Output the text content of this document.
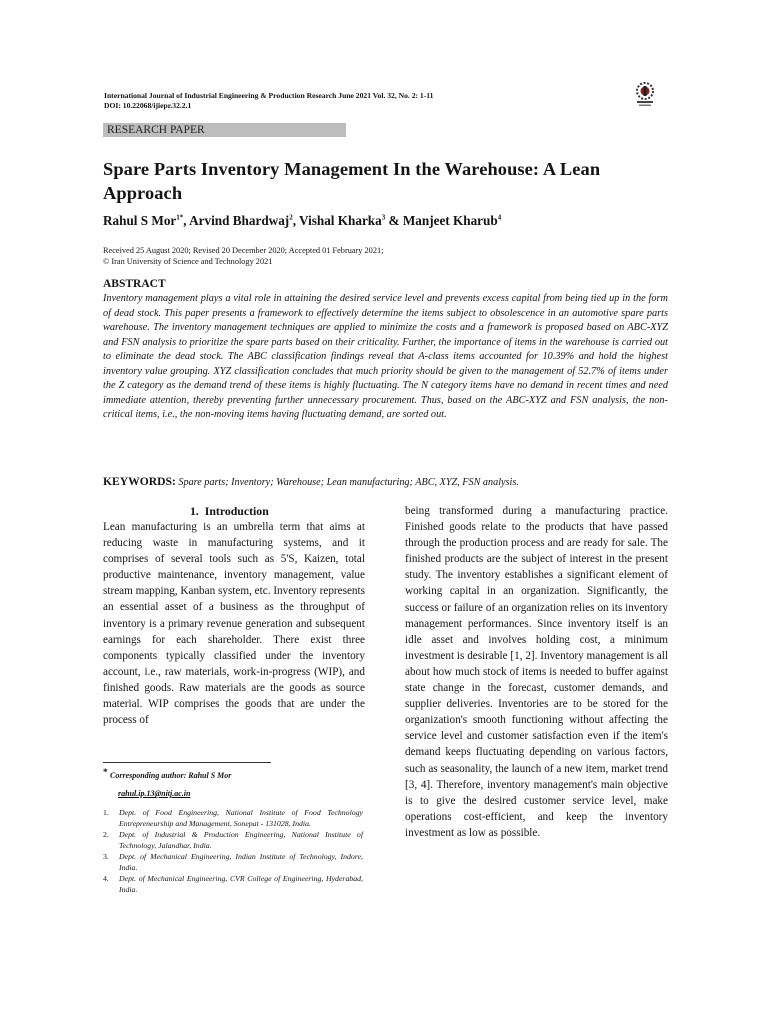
International Journal of Industrial Engineering & Production Research June 2021 Vol. 32, No. 2: 1-11
DOI: 10.22068/ijiepr.32.2.1
RESEARCH PAPER
Spare Parts Inventory Management In the Warehouse: A Lean Approach
Rahul S Mor$^{1*}$, Arvind Bhardwaj$^2$, Vishal Kharka$^3$ & Manjeet Kharub$^4$
Received 25 August 2020; Revised 20 December 2020; Accepted 01 February 2021;
© Iran University of Science and Technology 2021
ABSTRACT
Inventory management plays a vital role in attaining the desired service level and prevents excess capital from being tied up in the form of dead stock. This paper presents a framework to effectively determine the items subject to obsolescence in an automotive spare parts warehouse. The inventory management techniques are applied to minimize the costs and a framework is proposed based on ABC-XYZ and FSN analysis to prioritize the spare parts based on their criticality. Further, the importance of items in the warehouse is carried out to eliminate the dead stock. The ABC classification findings reveal that A-class items accounted for 10.39% and hold the highest inventory value grouping. XYZ classification concludes that much priority should be given to the management of 52.7% of items under the Z category as the demand trend of these items is highly fluctuating. The N category items have no demand in recent times and need immediate attention, thereby preventing further unnecessary procurement. Thus, based on the ABC-XYZ and FSN analysis, the non-critical items, i.e., the non-moving items having fluctuating demand, are sorted out.
KEYWORDS: Spare parts; Inventory; Warehouse; Lean manufacturing; ABC, XYZ, FSN analysis.
1.  Introduction
Lean manufacturing is an umbrella term that aims at reducing waste in manufacturing systems, and it comprises of several tools such as 5'S, Kaizen, total productive maintenance, inventory management, value stream mapping, Kanban system, etc. Inventory represents an essential asset of a business as the throughput of inventory is a primary revenue generation and subsequent earnings for each shareholder. There exist three components typically classified under the inventory account, i.e., raw materials, work-in-progress (WIP), and finished goods. Raw materials are the goods as source material. WIP comprises the goods that are under the process of
being transformed during a manufacturing practice. Finished goods relate to the products that have passed through the production process and are ready for sale. The finished products are the subject of interest in the present study. The inventory establishes a significant element of working capital in an organization. Significantly, the success or failure of an organization relies on its inventory management performances. Since inventory itself is an idle asset and involves holding cost, a minimum investment is desirable [1, 2]. Inventory management is all about how much stock of items is needed to buffer against state change in the forecast, customer demands, and supplier deliveries. Inventories are to be stored for the organization's smooth functioning without affecting the service level and customer satisfaction even if the item's demand keeps fluctuating depending on various factors, such as seasonality, the launch of a new item, market trend [3, 4]. Therefore, inventory management's main objective is to give the desired customer service level, make operations cost-efficient, and keep the inventory investment as low as possible.
* Corresponding author: Rahul S Mor
rahul.ip.13@nitj.ac.in
1. Dept. of Food Engineering, National Institute of Food Technology Entrepreneurship and Management, Sonepat - 131028, India.
2. Dept. of Industrial & Production Engineering, National Institute of Technology, Jalandhar, India.
3. Dept. of Mechanical Engineering, Indian Institute of Technology, Indore, India.
4. Dept. of Mechanical Engineering, CVR College of Engineering, Hyderabad, India.
